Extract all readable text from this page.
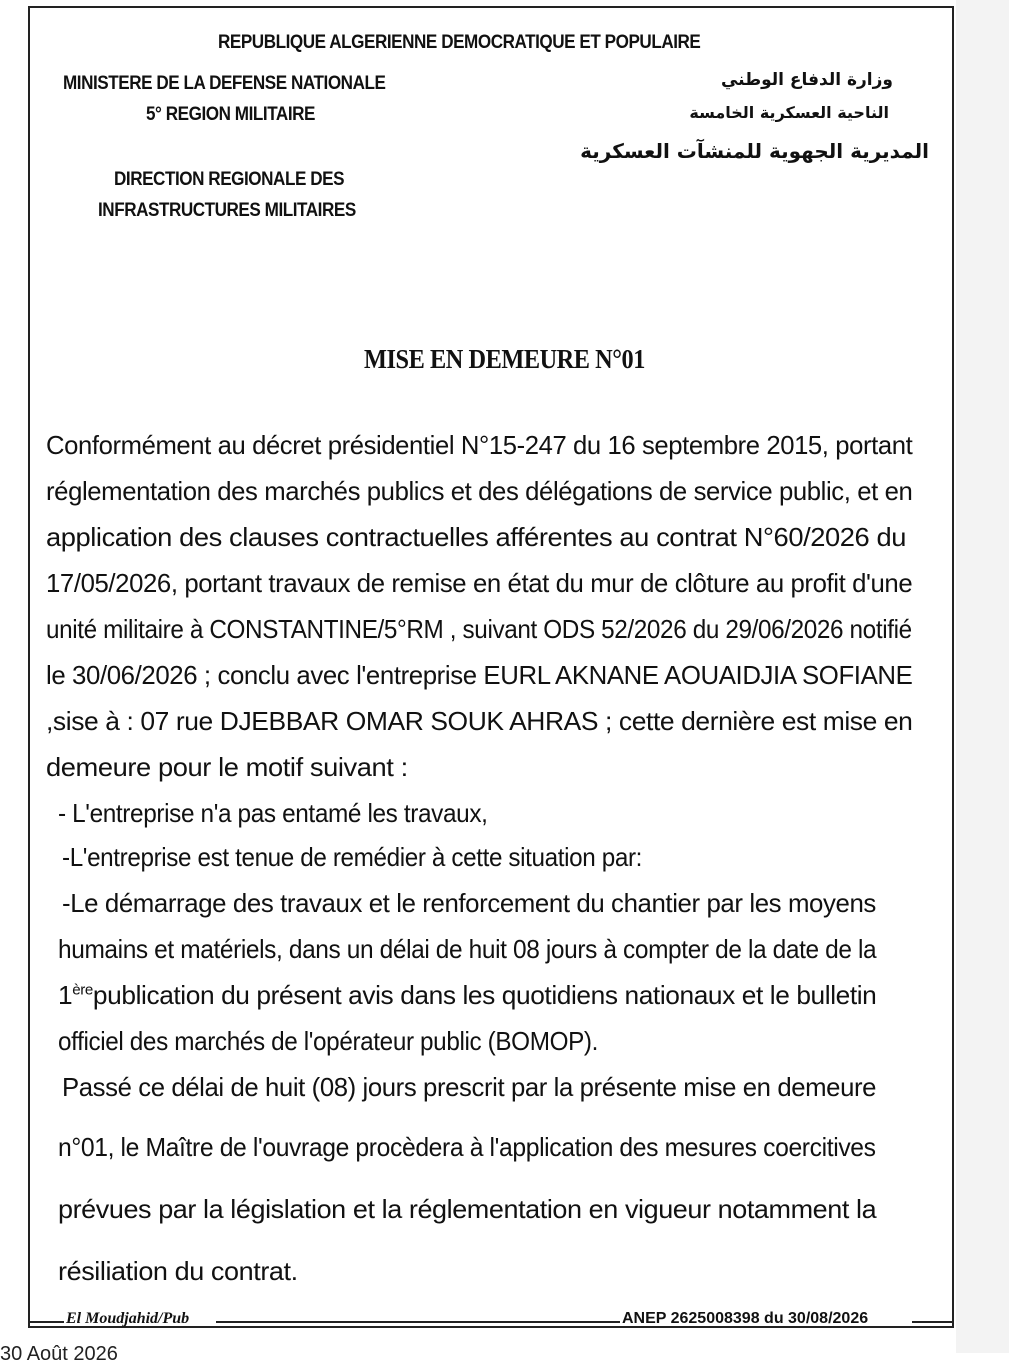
REPUBLIQUE ALGERIENNE DEMOCRATIQUE ET POPULAIRE
MINISTERE DE LA DEFENSE NATIONALE
5° REGION MILITAIRE
DIRECTION REGIONALE DES
INFRASTRUCTURES MILITAIRES
وزارة الدفاع الوطني
الناحية العسكرية الخامسة
المديرية الجهوية للمنشآت العسكرية
MISE EN DEMEURE N°01
Conformément au décret présidentiel N°15-247 du 16 septembre 2015, portant
réglementation des marchés publics et des délégations de service public, et en
application des clauses contractuelles afférentes au contrat N°60/2026 du
17/05/2026, portant travaux de remise en état du mur de clôture au profit d'une
unité militaire à CONSTANTINE/5°RM , suivant ODS 52/2026 du 29/06/2026 notifié
le 30/06/2026 ; conclu avec l'entreprise EURL AKNANE AOUAIDJIA SOFIANE
,sise à : 07 rue DJEBBAR OMAR SOUK AHRAS ; cette dernière est mise en
demeure pour le motif suivant :
- L'entreprise n'a pas entamé les travaux,
-L'entreprise est tenue de remédier à cette situation par:
-Le démarrage des travaux et le renforcement du chantier par les moyens
humains et matériels, dans un délai de huit 08 jours à compter de la date de la
1èrepublication du présent avis dans les quotidiens nationaux et le bulletin
officiel des marchés de l'opérateur public (BOMOP).
Passé ce délai de huit (08) jours prescrit par la présente mise en demeure
n°01, le Maître de l'ouvrage procèdera à l'application des mesures coercitives
prévues par la législation et la réglementation en vigueur notamment la
résiliation du contrat.
El Moudjahid/Pub	ANEP 2625008398 du 30/08/2026
30 Août 2026
